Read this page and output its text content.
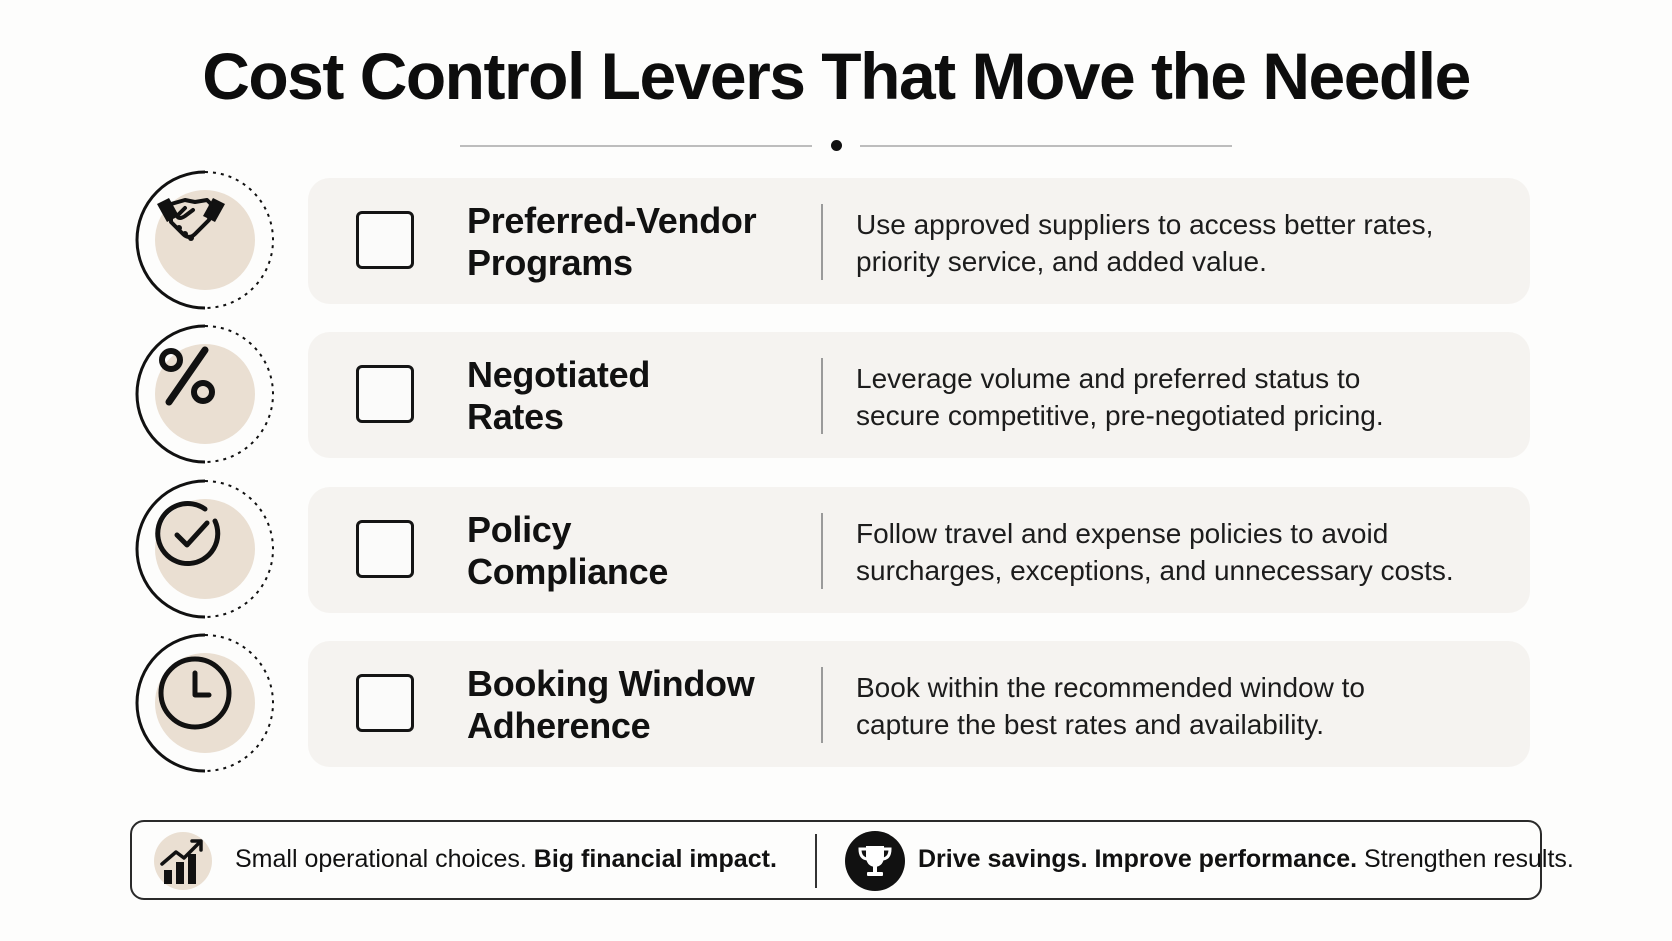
Cost Control Levers That Move the Needle
Preferred-Vendor
Programs
Use approved suppliers to access better rates,
priority service, and added value.
Negotiated
Rates
Leverage volume and preferred status to
secure competitive, pre-negotiated pricing.
Policy
Compliance
Follow travel and expense policies to avoid
surcharges, exceptions, and unnecessary costs.
Booking Window
Adherence
Book within the recommended window to
capture the best rates and availability.
Small operational choices. Big financial impact.	Drive savings. Improve performance. Strengthen results.
